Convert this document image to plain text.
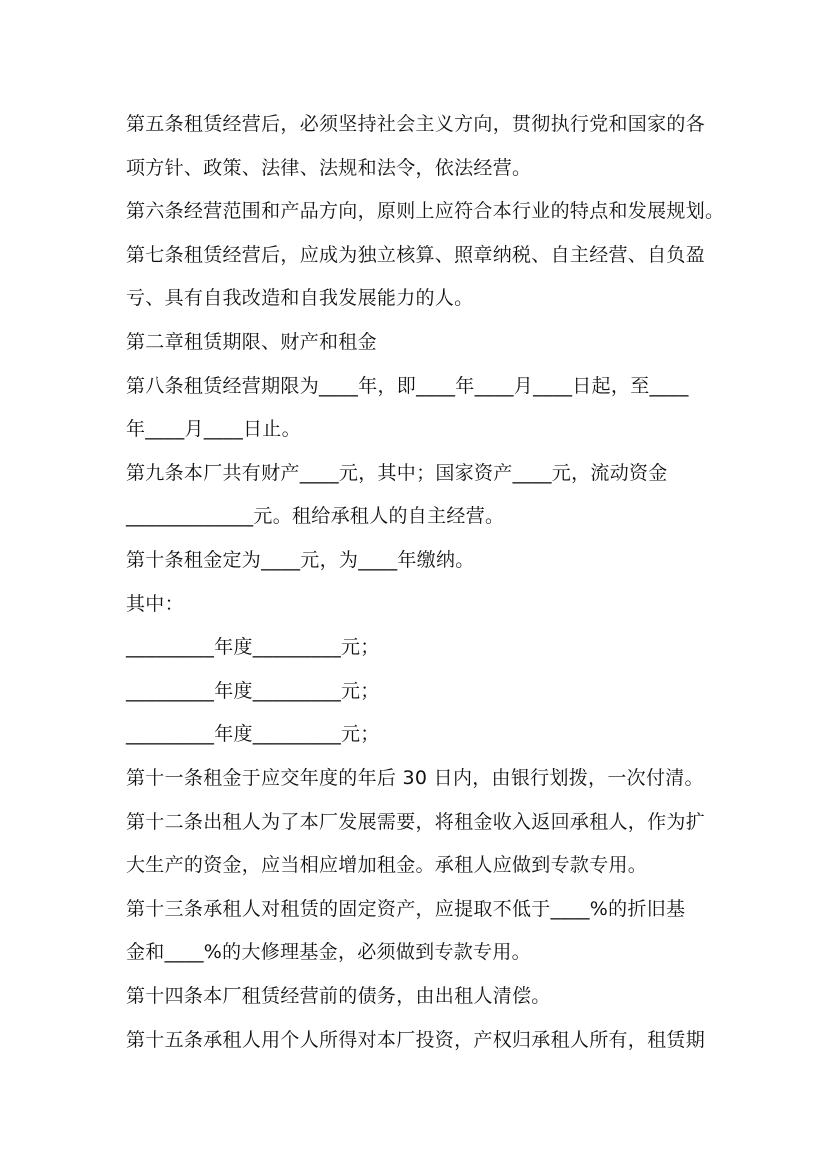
第五条租赁经营后，必须坚持社会主义方向，贯彻执行党和国家的各
项方针、政策、法律、法规和法令，依法经营。
第六条经营范围和产品方向，原则上应符合本行业的特点和发展规划。
第七条租赁经营后，应成为独立核算、照章纳税、自主经营、自负盈
亏、具有自我改造和自我发展能力的人。
第二章租赁期限、财产和租金
第八条租赁经营期限为____年，即____年____月____日起，至____
年____月____日止。
第九条本厂共有财产____元，其中；国家资产____元，流动资金
_____________元。租给承租人的自主经营。
第十条租金定为____元，为____年缴纳。
其中：
_________年度_________元；
_________年度_________元；
_________年度_________元；
第十一条租金于应交年度的年后 30 日内，由银行划拨，一次付清。
第十二条出租人为了本厂发展需要，将租金收入返回承租人，作为扩
大生产的资金，应当相应增加租金。承租人应做到专款专用。
第十三条承租人对租赁的固定资产，应提取不低于____%的折旧基
金和____%的大修理基金，必须做到专款专用。
第十四条本厂租赁经营前的债务，由出租人清偿。
第十五条承租人用个人所得对本厂投资，产权归承租人所有，租赁期
